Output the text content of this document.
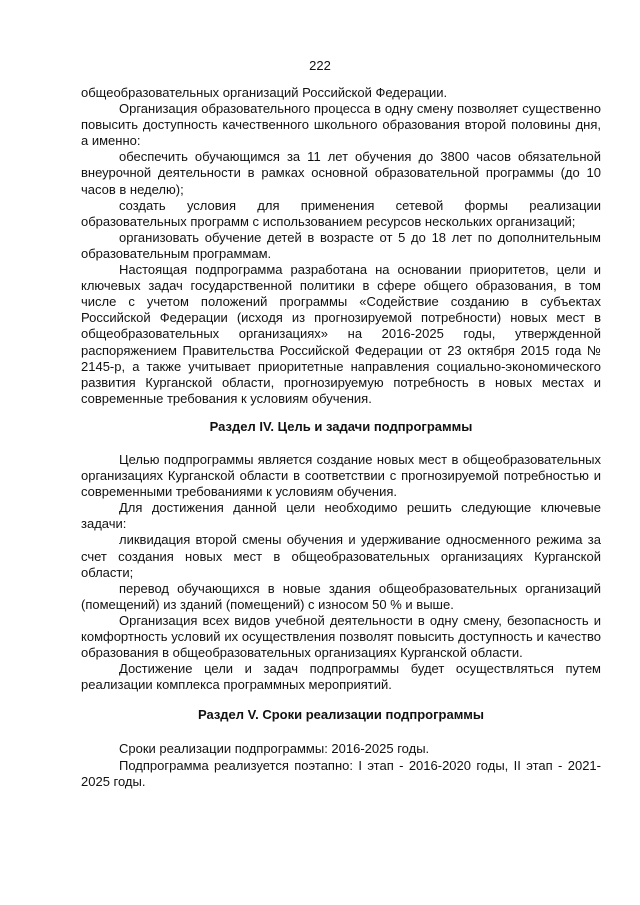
222

общеобразовательных организаций Российской Федерации.

Организация образовательного процесса в одну смену позволяет существенно повысить доступность качественного школьного образования второй половины дня, а именно:

обеспечить обучающимся за 11 лет обучения до 3800 часов обязательной внеурочной деятельности в рамках основной образовательной программы (до 10 часов в неделю);

создать условия для применения сетевой формы реализации образовательных программ с использованием ресурсов нескольких организаций;

организовать обучение детей в возрасте от 5 до 18 лет по дополнительным образовательным программам.

Настоящая подпрограмма разработана на основании приоритетов, цели и ключевых задач государственной политики в сфере общего образования, в том числе с учетом положений программы «Содействие созданию в субъектах Российской Федерации (исходя из прогнозируемой потребности) новых мест в общеобразовательных организациях» на 2016-2025 годы, утвержденной распоряжением Правительства Российской Федерации от 23 октября 2015 года № 2145-р, а также учитывает приоритетные направления социально-экономического развития Курганской области, прогнозируемую потребность в новых местах и современные требования к условиям обучения.

Раздел IV. Цель и задачи подпрограммы

Целью подпрограммы является создание новых мест в общеобразовательных организациях Курганской области в соответствии с прогнозируемой потребностью и современными требованиями к условиям обучения.

Для достижения данной цели необходимо решить следующие ключевые задачи:

ликвидация второй смены обучения и удерживание односменного режима за счет создания новых мест в общеобразовательных организациях Курганской области;

перевод обучающихся в новые здания общеобразовательных организаций (помещений) из зданий (помещений) с износом 50 % и выше.

Организация всех видов учебной деятельности в одну смену, безопасность и комфортность условий их осуществления позволят повысить доступность и качество образования в общеобразовательных организациях Курганской области.

Достижение цели и задач подпрограммы будет осуществляться путем реализации комплекса программных мероприятий.

Раздел V. Сроки реализации подпрограммы

Сроки реализации подпрограммы: 2016-2025 годы.

Подпрограмма реализуется поэтапно: I этап - 2016-2020 годы, II этап - 2021-2025 годы.
